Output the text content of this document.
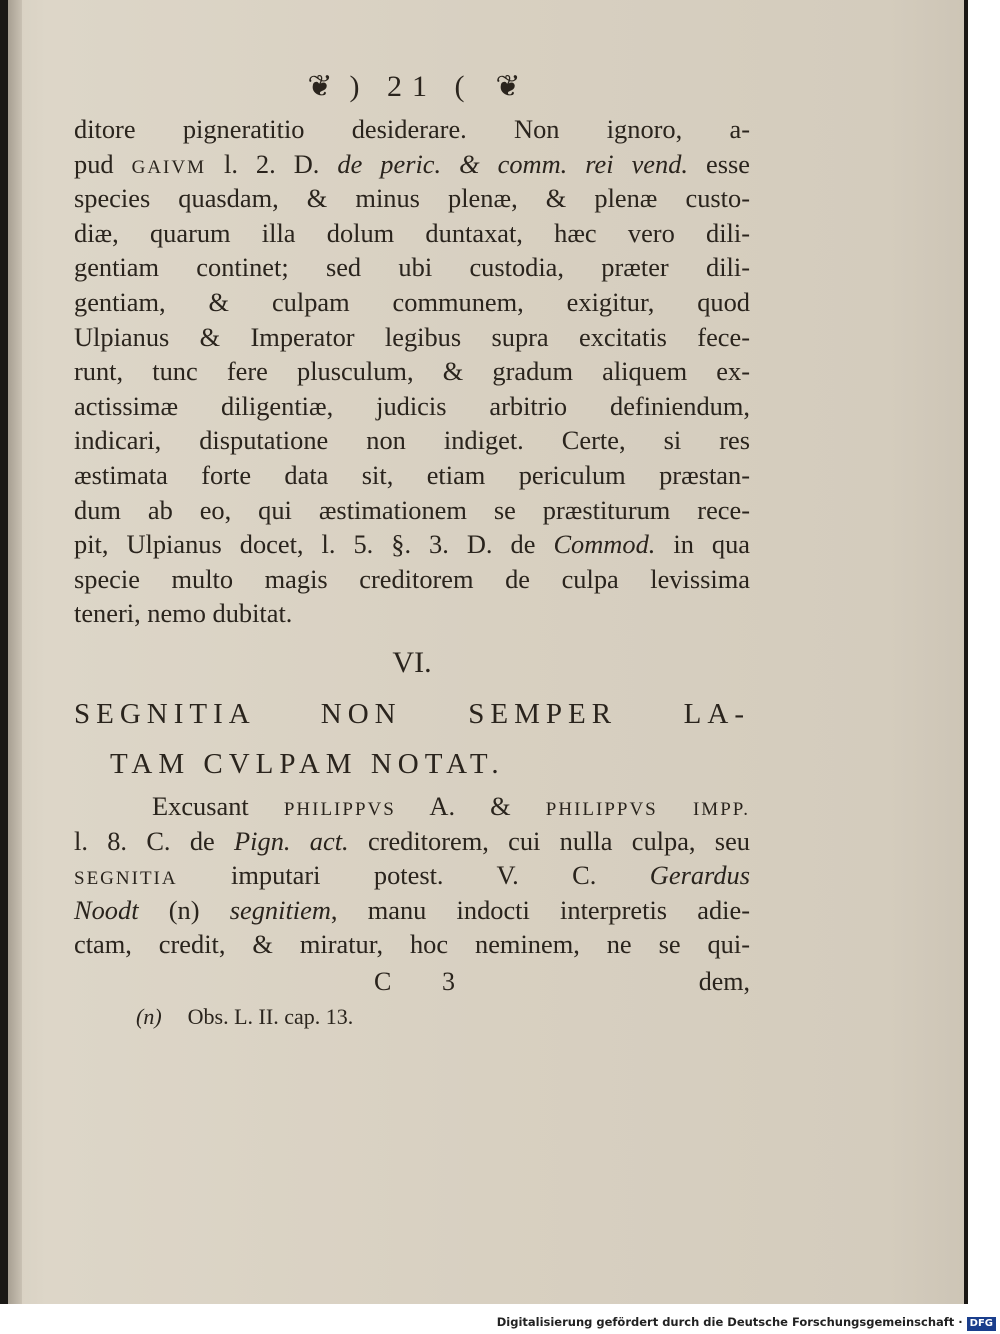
❦ ) 21 ( ❦
ditore pigneratitio desiderare. Non ignoro, a-
pud GAIVM l. 2. D. de peric. & comm. rei vend. esse
species quasdam, & minus plenæ, & plenæ custo-
diæ, quarum illa dolum duntaxat, hæc vero dili-
gentiam continet; sed ubi custodia, præter dili-
gentiam, & culpam communem, exigitur, quod
Ulpianus & Imperator legibus supra excitatis fece-
runt, tunc fere plusculum, & gradum aliquem ex-
actissimæ diligentiæ, judicis arbitrio definiendum,
indicari, disputatione non indiget. Certe, si res
æstimata forte data sit, etiam periculum præstan-
dum ab eo, qui æstimationem se præstiturum rece-
pit, Ulpianus docet, l. 5. §. 3. D. de Commod. in qua
specie multo magis creditorem de culpa levissima
teneri, nemo dubitat.
VI.
SEGNITIA NON SEMPER LA-
TAM CVLPAM NOTAT.
Excusant PHILIPPVS A. & PHILIPPVS IMPP.
l. 8. C. de Pign. act. creditorem, cui nulla culpa, seu
SEGNITIA imputari potest. V. C. Gerardus
Noodt (n) segnitiem, manu indocti interpretis adie-
ctam, credit, & miratur, hoc neminem, ne se qui-
C 3	dem,
(n) Obs. L. II. cap. 13.
Digitalisierung gefördert durch die Deutsche Forschungsgemeinschaft · DFG
